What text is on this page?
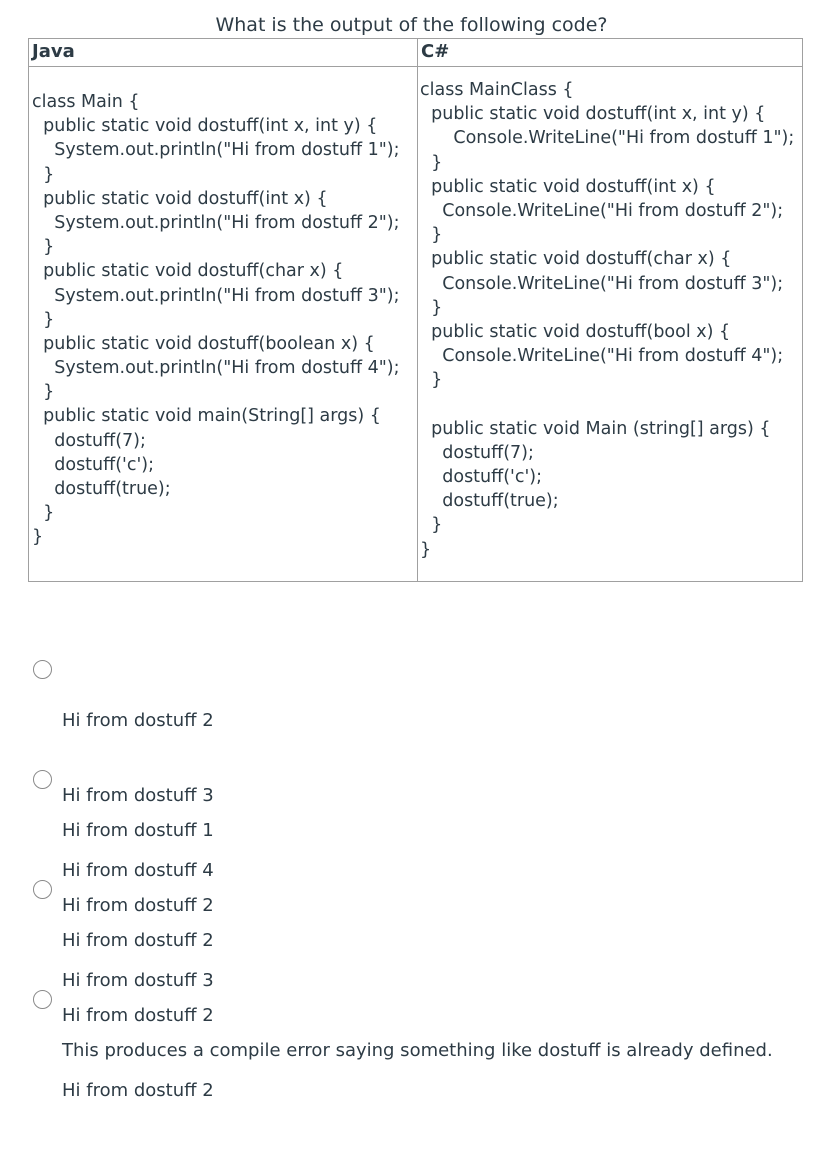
What is the output of the following code?
Java	C#
class Main {
public static void dostuff(int x, int y) {
System.out.println("Hi from dostuff 1");
}
public static void dostuff(int x) {
System.out.println("Hi from dostuff 2");
}
public static void dostuff(char x) {
System.out.println("Hi from dostuff 3");
}
public static void dostuff(boolean x) {
System.out.println("Hi from dostuff 4");
}
public static void main(String[] args) {
dostuff(7);
dostuff('c');
dostuff(true);
}
}
class MainClass {
public static void dostuff(int x, int y) {
Console.WriteLine("Hi from dostuff 1");
}
public static void dostuff(int x) {
Console.WriteLine("Hi from dostuff 2");
}
public static void dostuff(char x) {
Console.WriteLine("Hi from dostuff 3");
}
public static void dostuff(bool x) {
Console.WriteLine("Hi from dostuff 4");
}
public static void Main (string[] args) {
dostuff(7);
dostuff('c');
dostuff(true);
}
}

Hi from dostuff 2

Hi from dostuff 3

Hi from dostuff 4

Hi from dostuff 1

Hi from dostuff 2

Hi from dostuff 3

Hi from dostuff 2

Hi from dostuff 2

Hi from dostuff 2

This produces a compile error saying something like dostuff is already defined.
